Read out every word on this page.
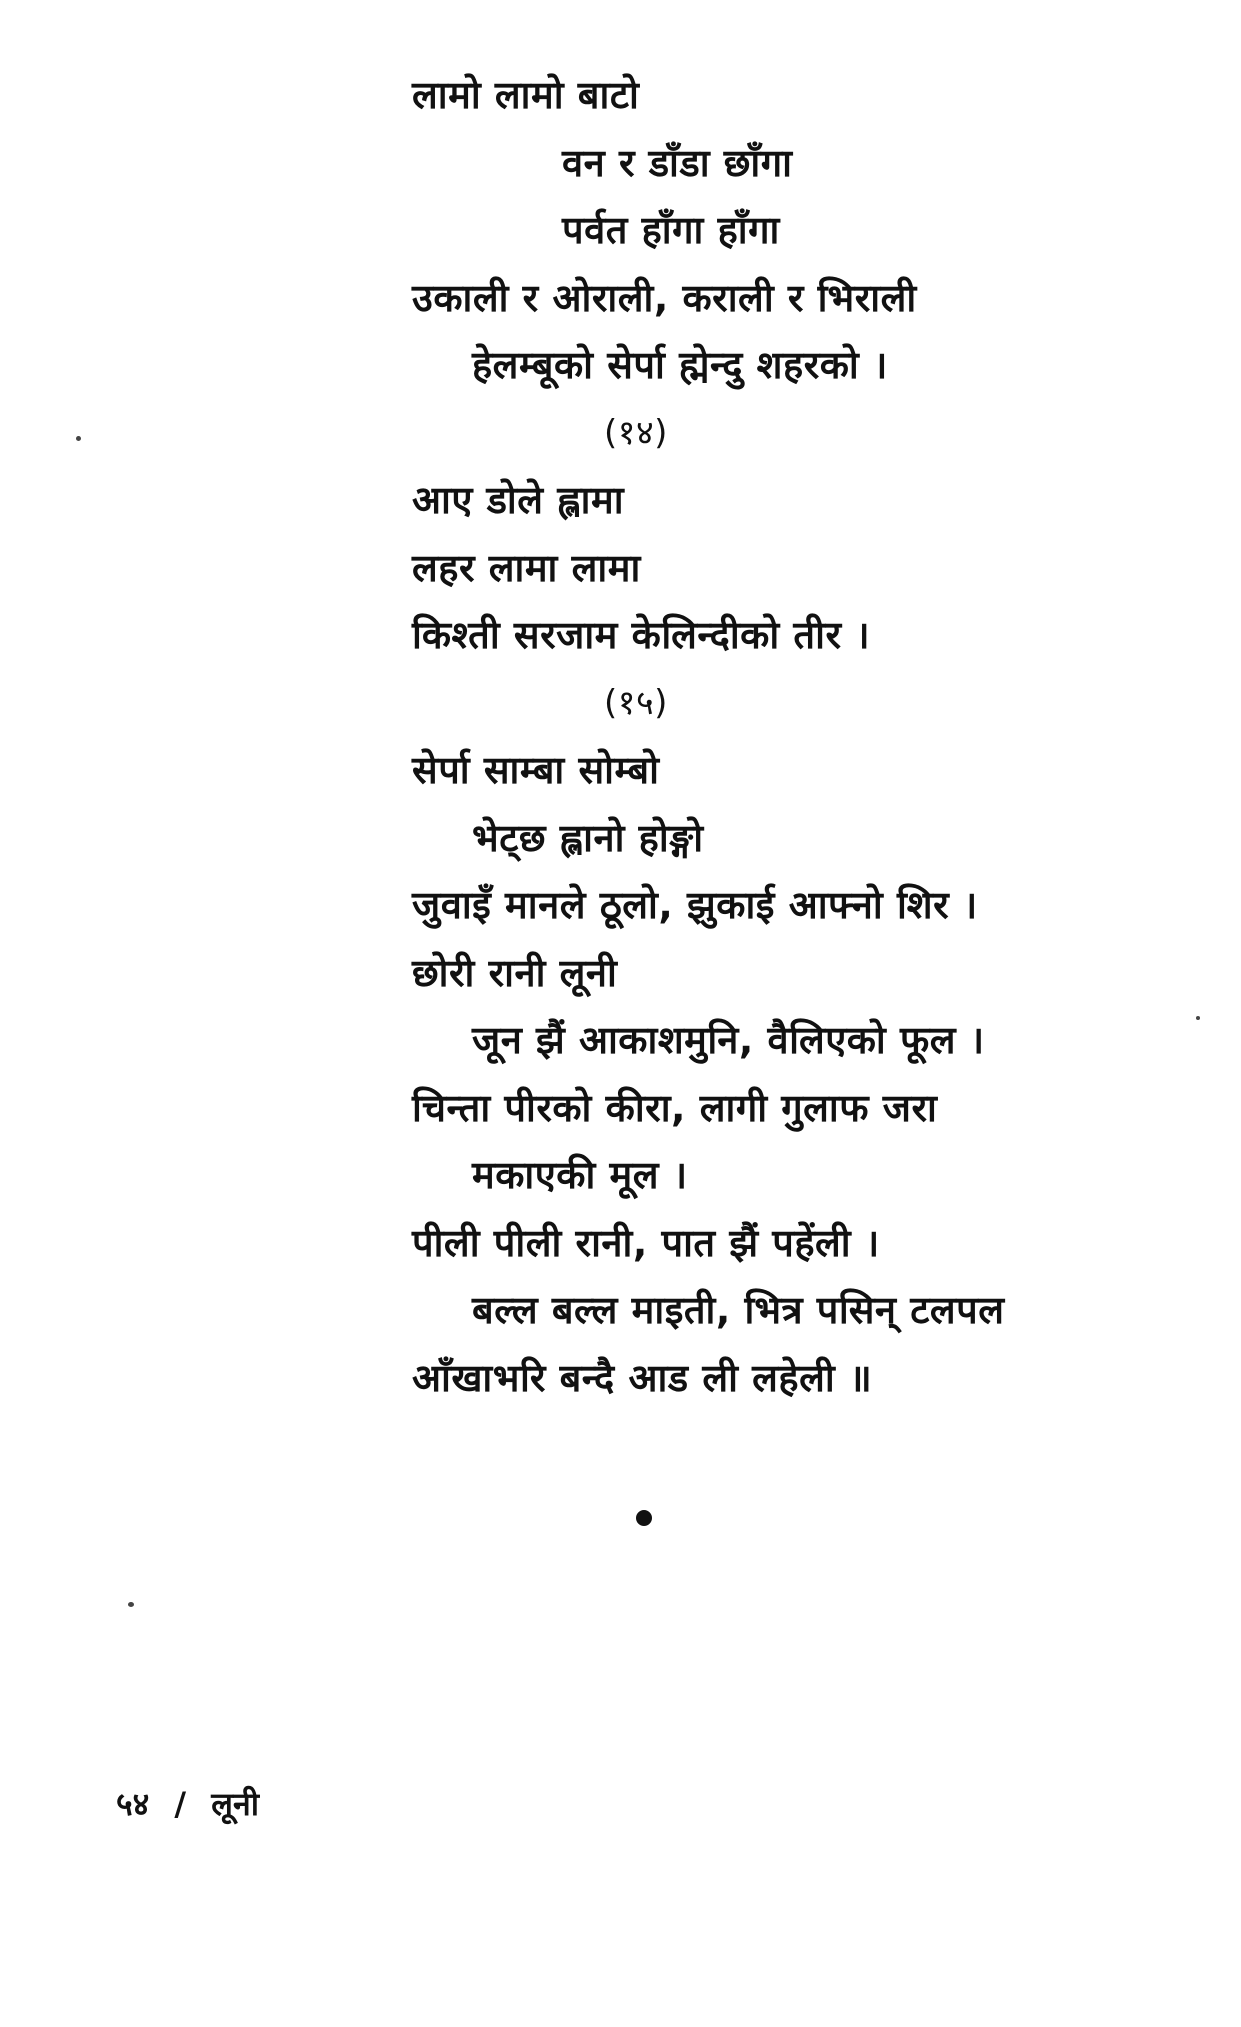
लामो लामो बाटो
वन र डाँडा छाँगा
पर्वत हाँगा हाँगा
उकाली र ओराली, कराली र भिराली
हेलम्बूको सेर्पा ह्मेन्दु शहरको ।
(१४)
आए डोले ह्लामा
लहर लामा लामा
किश्ती सरजाम केलिन्दीको तीर ।
(१५)
सेर्पा साम्बा सोम्बो
भेट्छ ह्लानो होङ्गो
जुवाइँ मानले ठूलो, झुकाई आफ्नो शिर ।
छोरी रानी लूनी
जून झैं आकाशमुनि, वैलिएको फूल ।
चिन्ता पीरको कीरा, लागी गुलाफ जरा
मकाएकी मूल ।
पीली पीली रानी, पात झैं पहेंली ।
बल्ल बल्ल माइती, भित्र पसिन् टलपल
आँखाभरि बन्दै आड ली लहेली ॥
५४ / लूनी
